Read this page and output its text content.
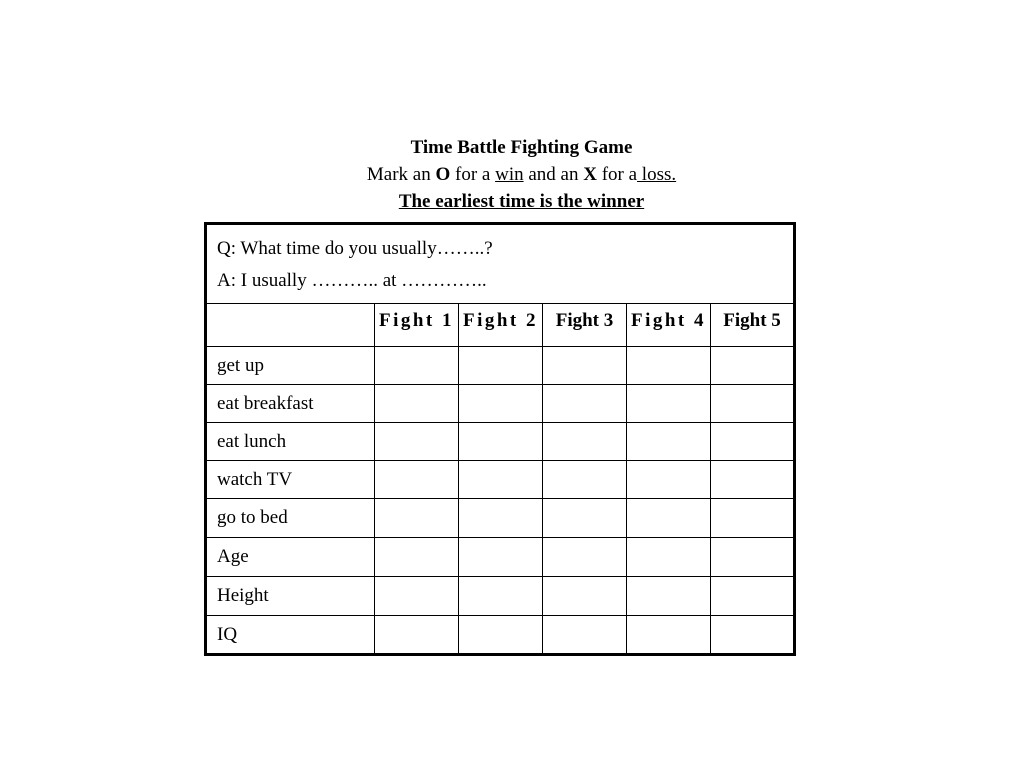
Time Battle Fighting Game
Mark an O for a win and an X for a loss.
The earliest time is the winner
Q: What time do you usually……..?
A: I usually ……….. at …………..					

	Fight 1	Fight 2	Fight 3	Fight 4	Fight 5
get up					
eat breakfast					
eat lunch					
watch TV					
go to bed					
Age					
Height					
IQ					
